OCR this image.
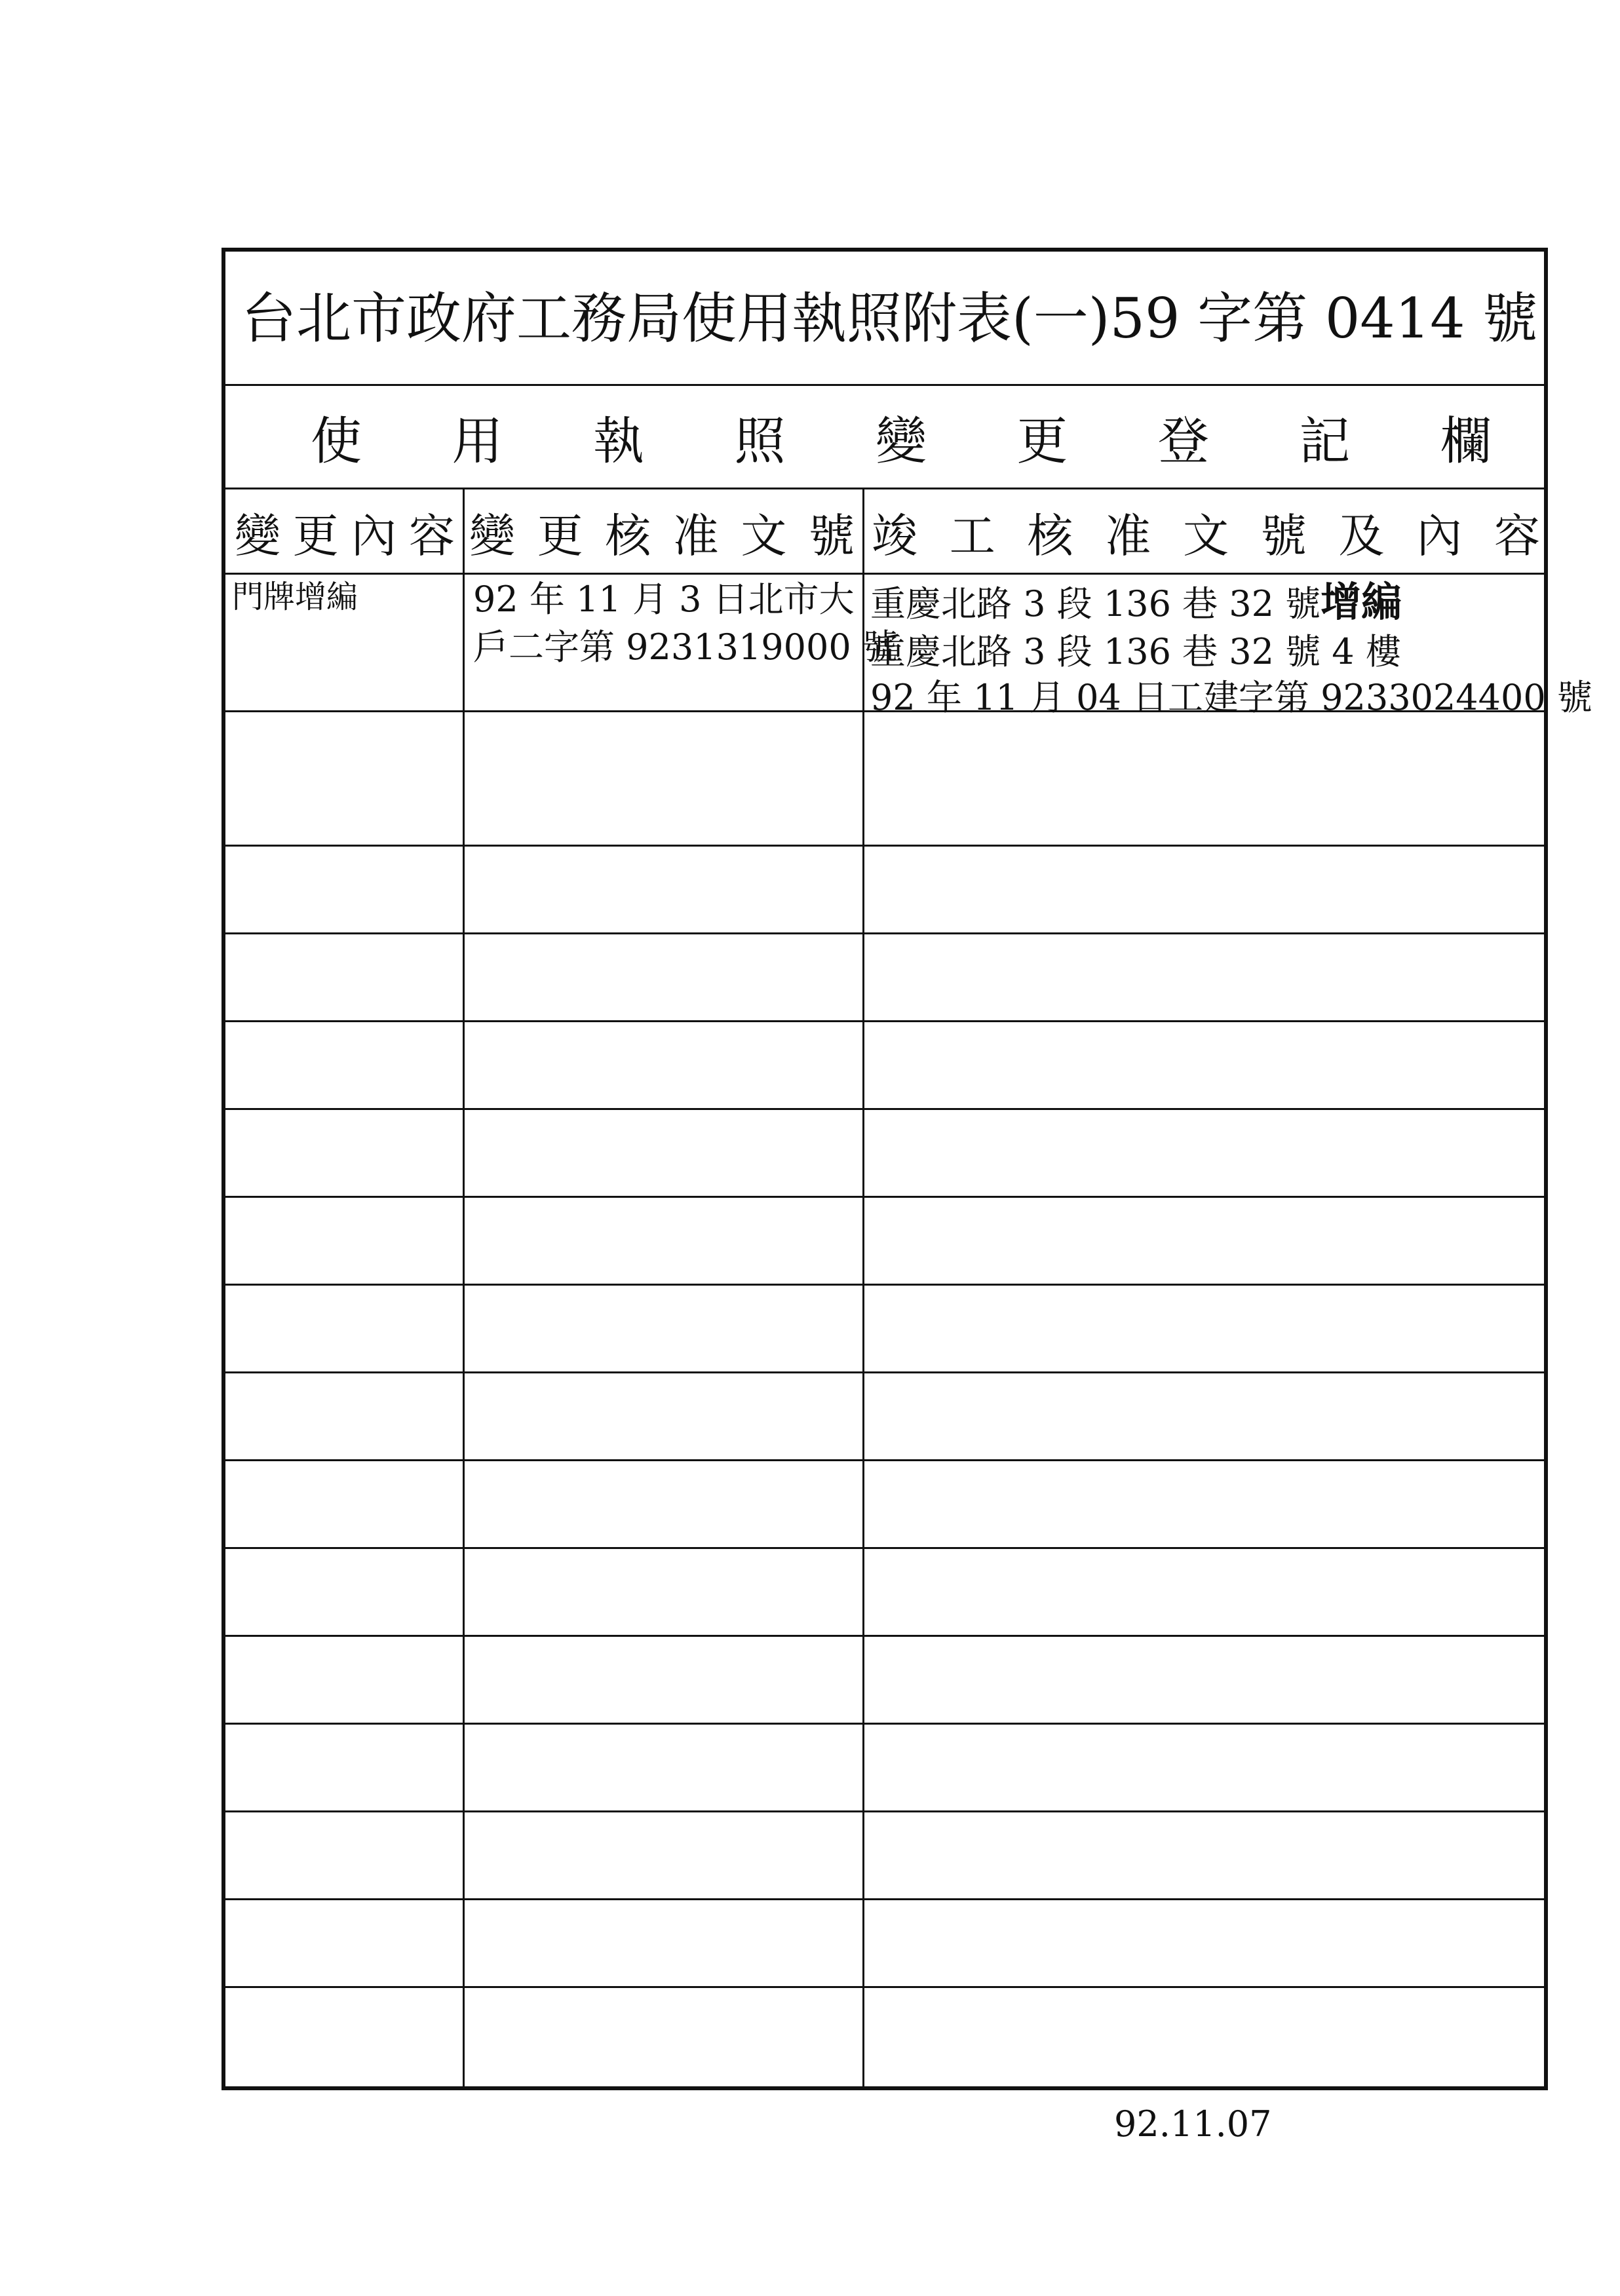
台北市政府工務局使用執照附表(一)59 字第 0414 號
使 用 執 照 變 更 登 記 欄
變 更 內 容 變 更 核 准 文 號 竣 工 核 准 文 號 及 內 容
門牌增編	92 年 11 月 3 日北市大
戶二字第 9231319000 號
重慶北路 3 段 136 巷 32 號增編
重慶北路 3 段 136 巷 32 號 4 樓
92 年 11 月 04 日工建字第 9233024400 號
92.11.07
